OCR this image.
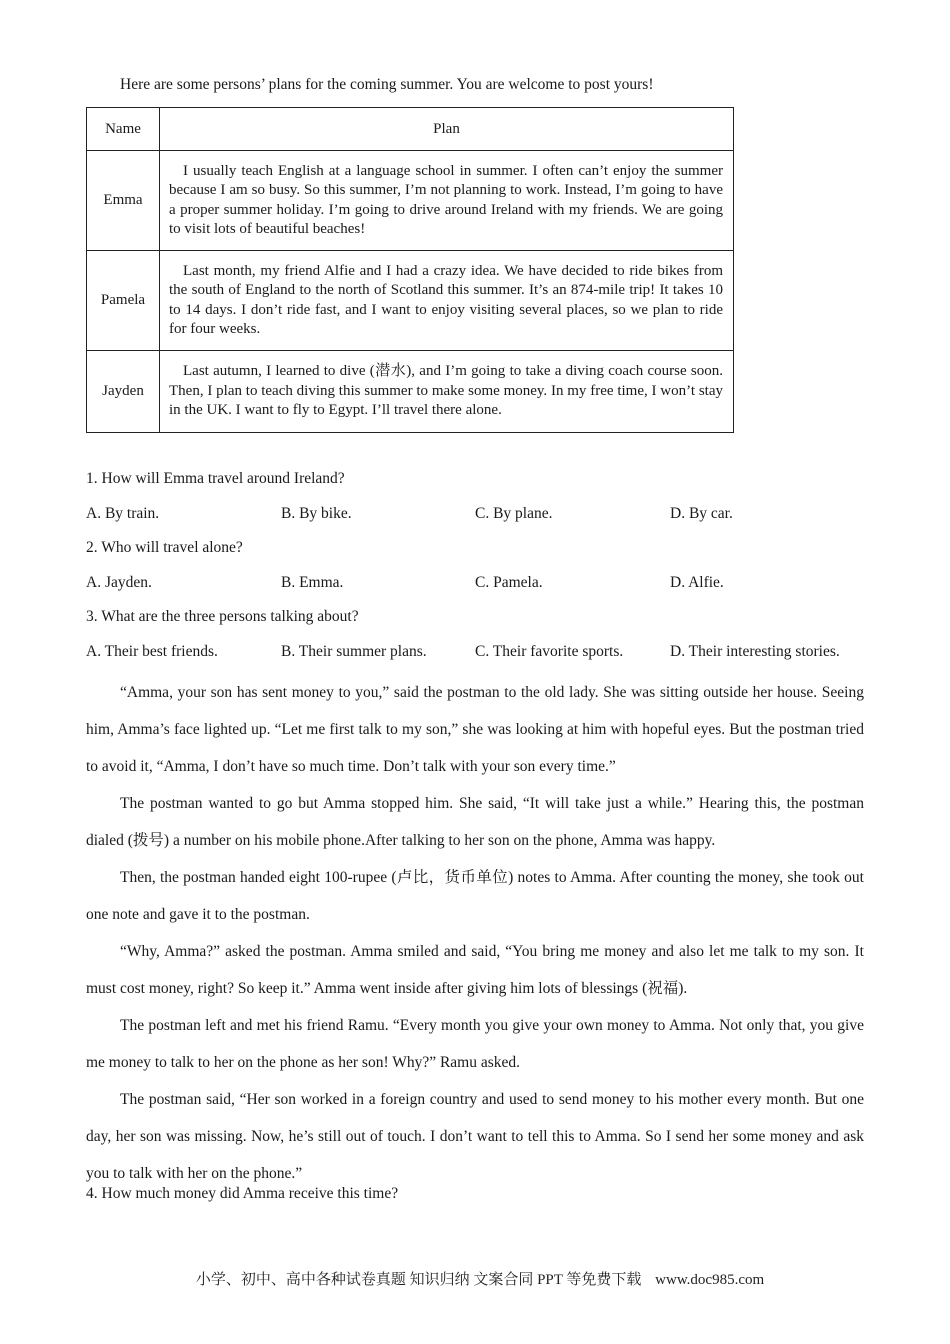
Here are some persons’ plans for the coming summer. You are welcome to post yours!
Name	Plan
Emma	I usually teach English at a language school in summer. I often can’t enjoy the summer because I am so busy. So this summer, I’m not planning to work. Instead, I’m going to have a proper summer holiday. I’m going to drive around Ireland with my friends. We are going to visit lots of beautiful beaches!
Pamela	Last month, my friend Alfie and I had a crazy idea. We have decided to ride bikes from the south of England to the north of Scotland this summer. It’s an 874-mile trip! It takes 10 to 14 days. I don’t ride fast, and I want to enjoy visiting several places, so we plan to ride for four weeks.
Jayden	Last autumn, I learned to dive (潜水), and I’m going to take a diving coach course soon. Then, I plan to teach diving this summer to make some money. In my free time, I won’t stay in the UK. I want to fly to Egypt. I’ll travel there alone.
1. How will Emma travel around Ireland?
A. By train.	B. By bike.	C. By plane.	D. By car.
2. Who will travel alone?
A. Jayden.	B. Emma.	C. Pamela.	D. Alfie.
3. What are the three persons talking about?
A. Their best friends.	B. Their summer plans.	C. Their favorite sports.	D. Their interesting stories.

“Amma, your son has sent money to you,” said the postman to the old lady. She was sitting outside her house. Seeing him, Amma’s face lighted up. “Let me first talk to my son,” she was looking at him with hopeful eyes. But the postman tried to avoid it, “Amma, I don’t have so much time. Don’t talk with your son every time.”

The postman wanted to go but Amma stopped him. She said, “It will take just a while.” Hearing this, the postman dialed (拨号) a number on his mobile phone.After talking to her son on the phone, Amma was happy.

Then, the postman handed eight 100-rupee (卢比，货币单位) notes to Amma. After counting the money, she took out one note and gave it to the postman.

“Why, Amma?” asked the postman. Amma smiled and said, “You bring me money and also let me talk to my son. It must cost money, right? So keep it.” Amma went inside after giving him lots of blessings (祝福).

The postman left and met his friend Ramu. “Every month you give your own money to Amma. Not only that, you give me money to talk to her on the phone as her son! Why?” Ramu asked.

The postman said, “Her son worked in a foreign country and used to send money to his mother every month. But one day, her son was missing. Now, he’s still out of touch. I don’t want to tell this to Amma. So I send her some money and ask you to talk with her on the phone.”

4. How much money did Amma receive this time?
小学、初中、高中各种试卷真题 知识归纳 文案合同 PPT 等免费下载 www.doc985.com
